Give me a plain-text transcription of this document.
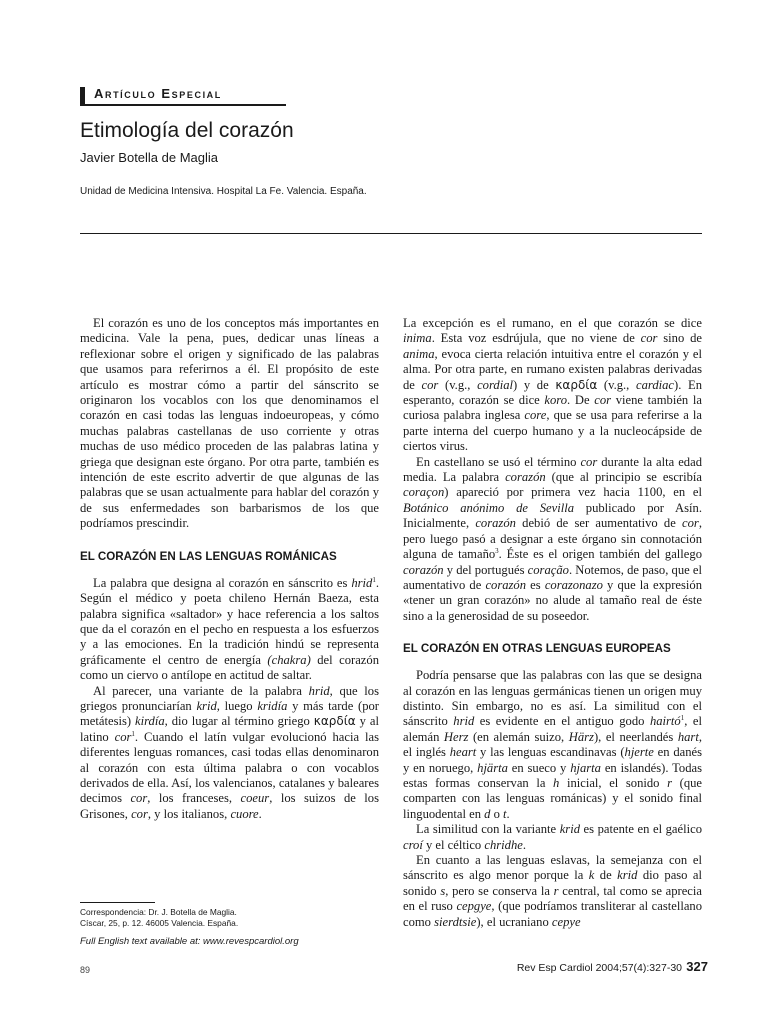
Artículo Especial
Etimología del corazón
Javier Botella de Maglia
Unidad de Medicina Intensiva. Hospital La Fe. Valencia. España.

El corazón es uno de los conceptos más importantes en medicina. Vale la pena, pues, dedicar unas líneas a reflexionar sobre el origen y significado de las palabras que usamos para referirnos a él. El propósito de este artículo es mostrar cómo a partir del sánscrito se originaron los vocablos con los que denominamos el corazón en casi todas las lenguas indoeuropeas, y cómo muchas palabras castellanas de uso corriente y otras muchas de uso médico proceden de las palabras latina y griega que designan este órgano. Por otra parte, también es intención de este escrito advertir de que algunas de las palabras que se usan actualmente para hablar del corazón y de sus enfermedades son barbarismos de los que podríamos prescindir.

EL CORAZÓN EN LAS LENGUAS ROMÁNICAS

La palabra que designa al corazón en sánscrito es hrid$^1$. Según el médico y poeta chileno Hernán Baeza, esta palabra significa «saltador» y hace referencia a los saltos que da el corazón en el pecho en respuesta a los esfuerzos y a las emociones. En la tradición hindú se representa gráficamente el centro de energía (chakra) del corazón como un ciervo o antílope en actitud de saltar.

Al parecer, una variante de la palabra hrid, que los griegos pronunciarían krid, luego kridía y más tarde (por metátesis) kirdía, dio lugar al término griego καρδία y al latino cor$^1$. Cuando el latín vulgar evolucionó hacia las diferentes lenguas romances, casi todas ellas denominaron al corazón con esta última palabra o con vocablos derivados de ella. Así, los valencianos, catalanes y baleares decimos cor, los franceses, coeur, los suizos de los Grisones, cor, y los italianos, cuore.

La excepción es el rumano, en el que corazón se dice inima. Esta voz esdrújula, que no viene de cor sino de anima, evoca cierta relación intuitiva entre el corazón y el alma. Por otra parte, en rumano existen palabras derivadas de cor (v.g., cordial) y de καρδία (v.g., cardiac). En esperanto, corazón se dice koro. De cor viene también la curiosa palabra inglesa core, que se usa para referirse a la parte interna del cuerpo humano y a la nucleocápside de ciertos virus.

En castellano se usó el término cor durante la alta edad media. La palabra corazón (que al principio se escribía coraçon) apareció por primera vez hacia 1100, en el Botánico anónimo de Sevilla publicado por Asín. Inicialmente, corazón debió de ser aumentativo de cor, pero luego pasó a designar a este órgano sin connotación alguna de tamaño$^3$. Éste es el origen también del gallego corazón y del portugués coração. Notemos, de paso, que el aumentativo de corazón es corazonazo y que la expresión «tener un gran corazón» no alude al tamaño real de éste sino a la generosidad de su poseedor.

EL CORAZÓN EN OTRAS LENGUAS EUROPEAS

Podría pensarse que las palabras con las que se designa al corazón en las lenguas germánicas tienen un origen muy distinto. Sin embargo, no es así. La similitud con el sánscrito hrid es evidente en el antiguo godo hairtó$^1$, el alemán Herz (en alemán suizo, Härz), el neerlandés hart, el inglés heart y las lenguas escandinavas (hjerte en danés y en noruego, hjärta en sueco y hjarta en islandés). Todas estas formas conservan la h inicial, el sonido r (que comparten con las lenguas románicas) y el sonido final linguodental en d o t.

La similitud con la variante krid es patente en el gaélico croí y el céltico chridhe.

En cuanto a las lenguas eslavas, la semejanza con el sánscrito es algo menor porque la k de krid dio paso al sonido s, pero se conserva la r central, tal como se aprecia en el ruso cepgye, (que podríamos transliterar al castellano como sierdtsie), el ucraniano cepye

Correspondencia: Dr. J. Botella de Maglia.
Císcar, 25, p. 12. 46005 Valencia. España.
Full English text available at: www.revespcardiol.org
89	Rev Esp Cardiol 2004;57(4):327-30 327
